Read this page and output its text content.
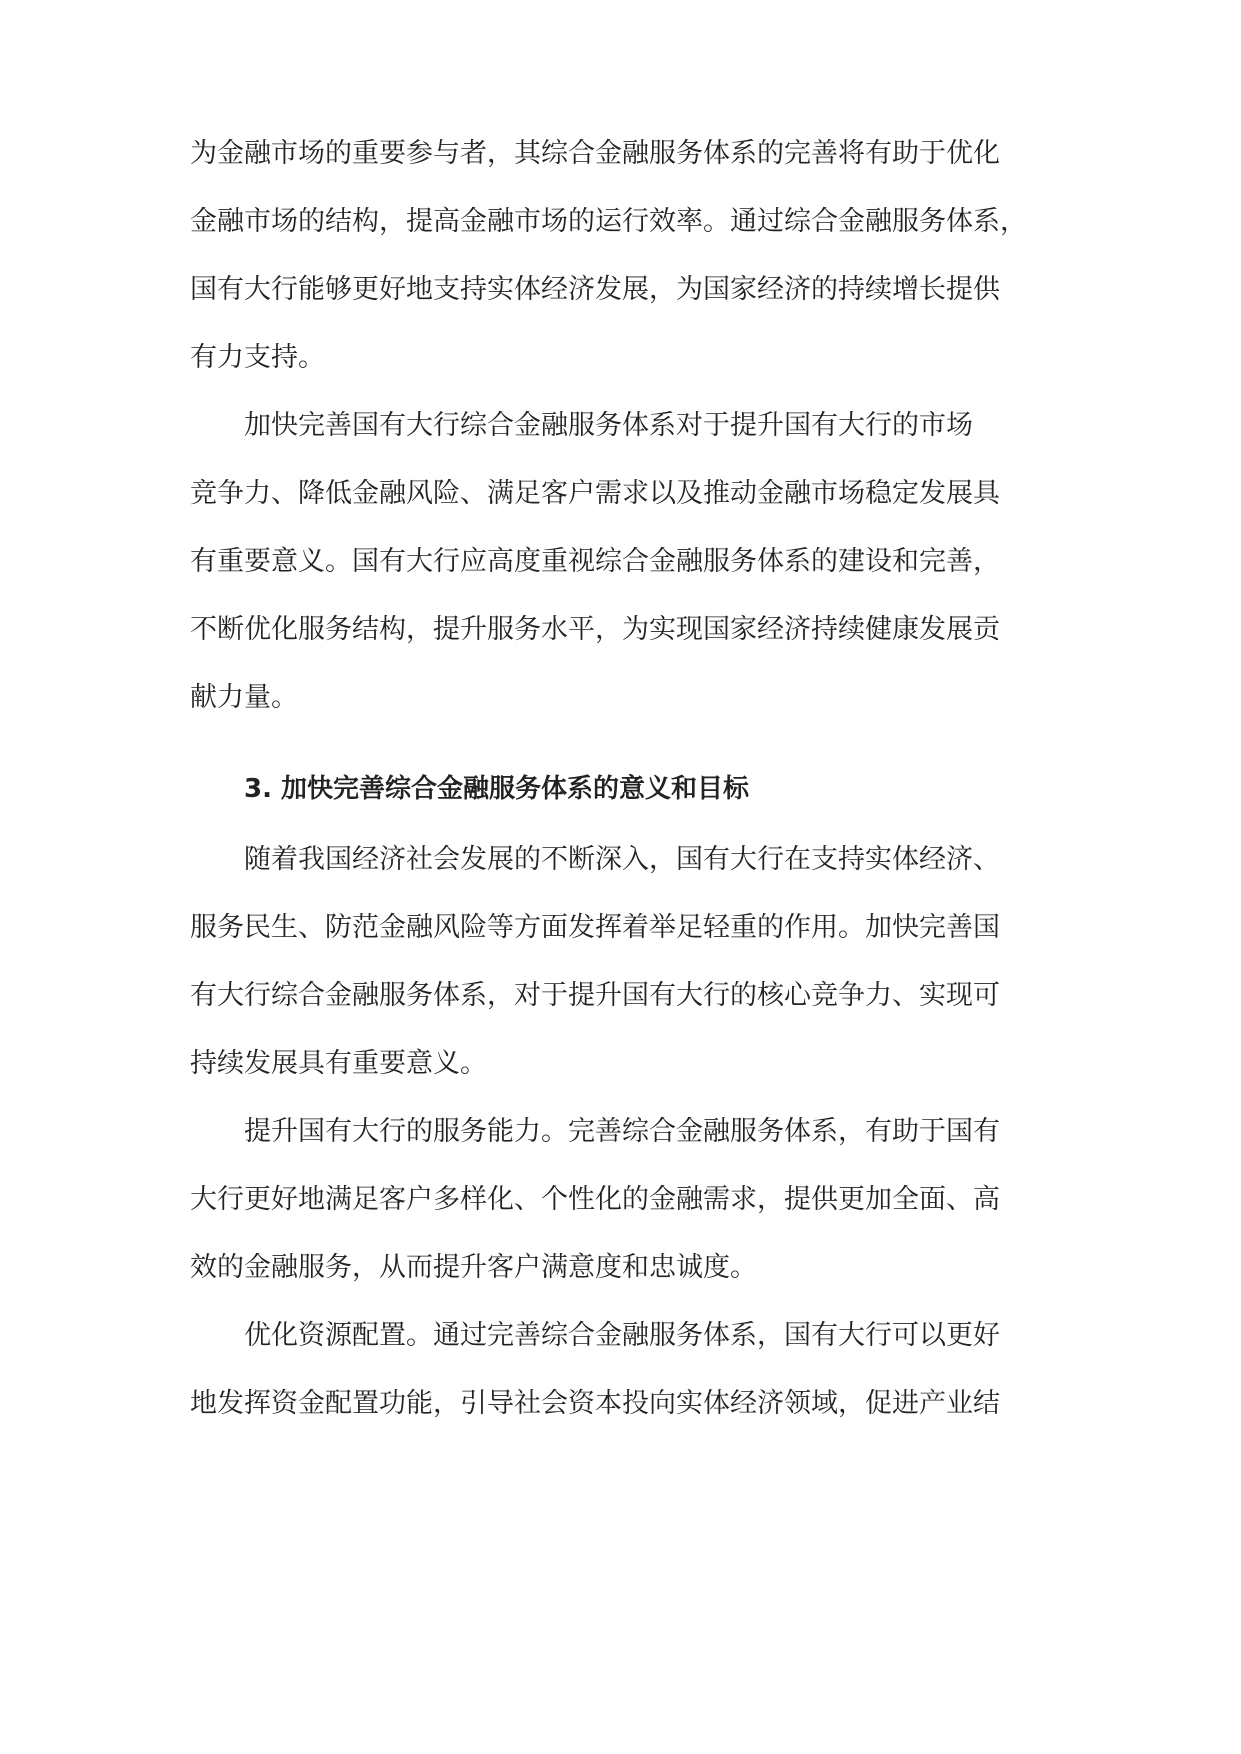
为金融市场的重要参与者，其综合金融服务体系的完善将有助于优化

金融市场的结构，提高金融市场的运行效率。通过综合金融服务体系，

国有大行能够更好地支持实体经济发展，为国家经济的持续增长提供

有力支持。

加快完善国有大行综合金融服务体系对于提升国有大行的市场

竞争力、降低金融风险、满足客户需求以及推动金融市场稳定发展具

有重要意义。国有大行应高度重视综合金融服务体系的建设和完善，

不断优化服务结构，提升服务水平，为实现国家经济持续健康发展贡

献力量。

3. 加快完善综合金融服务体系的意义和目标

随着我国经济社会发展的不断深入，国有大行在支持实体经济、

服务民生、防范金融风险等方面发挥着举足轻重的作用。加快完善国

有大行综合金融服务体系，对于提升国有大行的核心竞争力、实现可

持续发展具有重要意义。

提升国有大行的服务能力。完善综合金融服务体系，有助于国有

大行更好地满足客户多样化、个性化的金融需求，提供更加全面、高

效的金融服务，从而提升客户满意度和忠诚度。

优化资源配置。通过完善综合金融服务体系，国有大行可以更好

地发挥资金配置功能，引导社会资本投向实体经济领域，促进产业结
